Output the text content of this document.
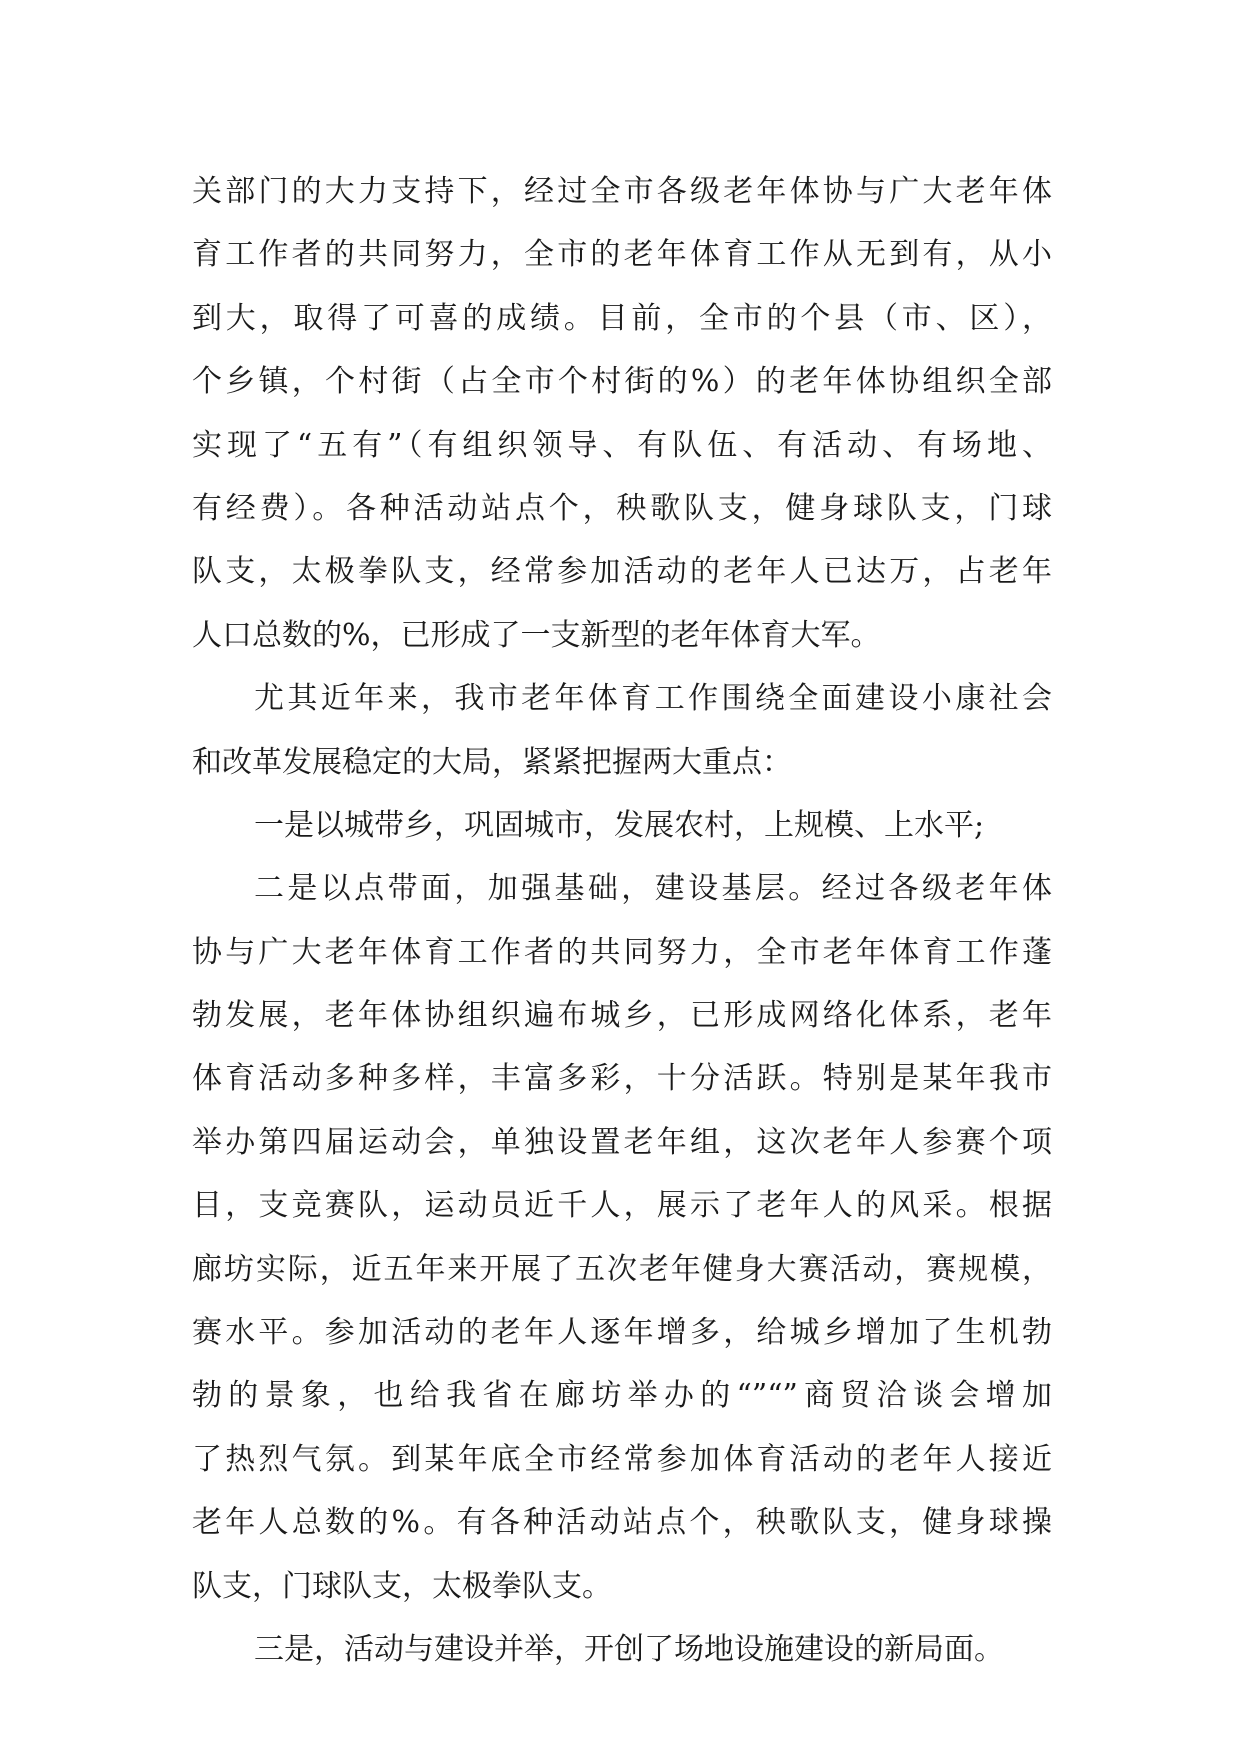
关部门的大力支持下，经过全市各级老年体协与广大老年体
育工作者的共同努力，全市的老年体育工作从无到有，从小
到大，取得了可喜的成绩。目前，全市的个县（市、区），
个乡镇，个村街（占全市个村街的%）的老年体协组织全部
实现了“五有”（有组织领导、有队伍、有活动、有场地、
有经费）。各种活动站点个，秧歌队支，健身球队支，门球
队支，太极拳队支，经常参加活动的老年人已达万，占老年
人口总数的%，已形成了一支新型的老年体育大军。
尤其近年来，我市老年体育工作围绕全面建设小康社会
和改革发展稳定的大局，紧紧把握两大重点：
一是以城带乡，巩固城市，发展农村，上规模、上水平;
二是以点带面，加强基础，建设基层。经过各级老年体
协与广大老年体育工作者的共同努力，全市老年体育工作蓬
勃发展，老年体协组织遍布城乡，已形成网络化体系，老年
体育活动多种多样，丰富多彩，十分活跃。特别是某年我市
举办第四届运动会，单独设置老年组，这次老年人参赛个项
目，支竞赛队，运动员近千人，展示了老年人的风采。根据
廊坊实际，近五年来开展了五次老年健身大赛活动，赛规模，
赛水平。参加活动的老年人逐年增多，给城乡增加了生机勃
勃的景象，也给我省在廊坊举办的“”“”商贸洽谈会增加
了热烈气氛。到某年底全市经常参加体育活动的老年人接近
老年人总数的%。有各种活动站点个，秧歌队支，健身球操
队支，门球队支，太极拳队支。
三是，活动与建设并举，开创了场地设施建设的新局面。
